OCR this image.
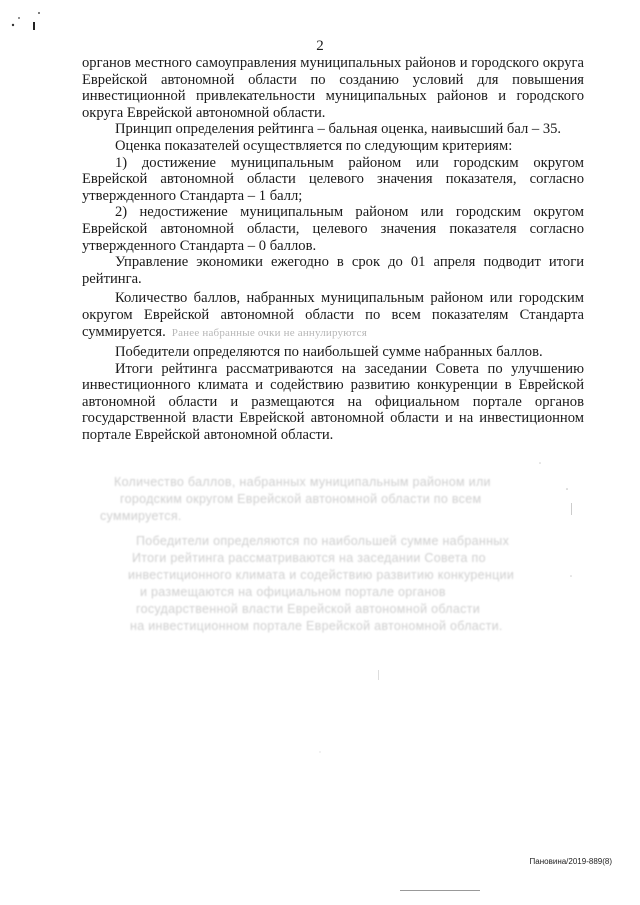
2

органов местного самоуправления муниципальных районов и городского округа Еврейской автономной области по созданию условий для повышения инвестиционной привлекательности муниципальных районов и городского округа Еврейской автономной области.

Принцип определения рейтинга – бальная оценка, наивысший бал – 35.

Оценка показателей осуществляется по следующим критериям:

1) достижение муниципальным районом или городским округом Еврейской автономной области целевого значения показателя, согласно утвержденного Стандарта – 1 балл;

2) недостижение муниципальным районом или городским округом Еврейской автономной области, целевого значения показателя согласно утвержденного Стандарта – 0 баллов.

Управление экономики ежегодно в срок до 01 апреля подводит итоги рейтинга.

Количество баллов, набранных муниципальным районом или городским округом Еврейской автономной области по всем показателям Стандарта суммируется. Ранее набранные очки не аннулируются

Победители определяются по наибольшей сумме набранных баллов.

Итоги рейтинга рассматриваются на заседании Совета по улучшению инвестиционного климата и содействию развитию конкуренции в Еврейской автономной области и размещаются на официальном портале органов государственной власти Еврейской автономной области и на инвестиционном портале Еврейской автономной области.

Количество баллов, набранных муниципальным районом или
городским округом Еврейской автономной области по всем
суммируется.
Победители определяются по наибольшей сумме набранных
Итоги рейтинга рассматриваются на заседании Совета по
инвестиционного климата и содействию развитию конкуренции
и размещаются на официальном портале органов
государственной власти Еврейской автономной области
на инвестиционном портале Еврейской автономной области.
Пановина/2019-889(8)
